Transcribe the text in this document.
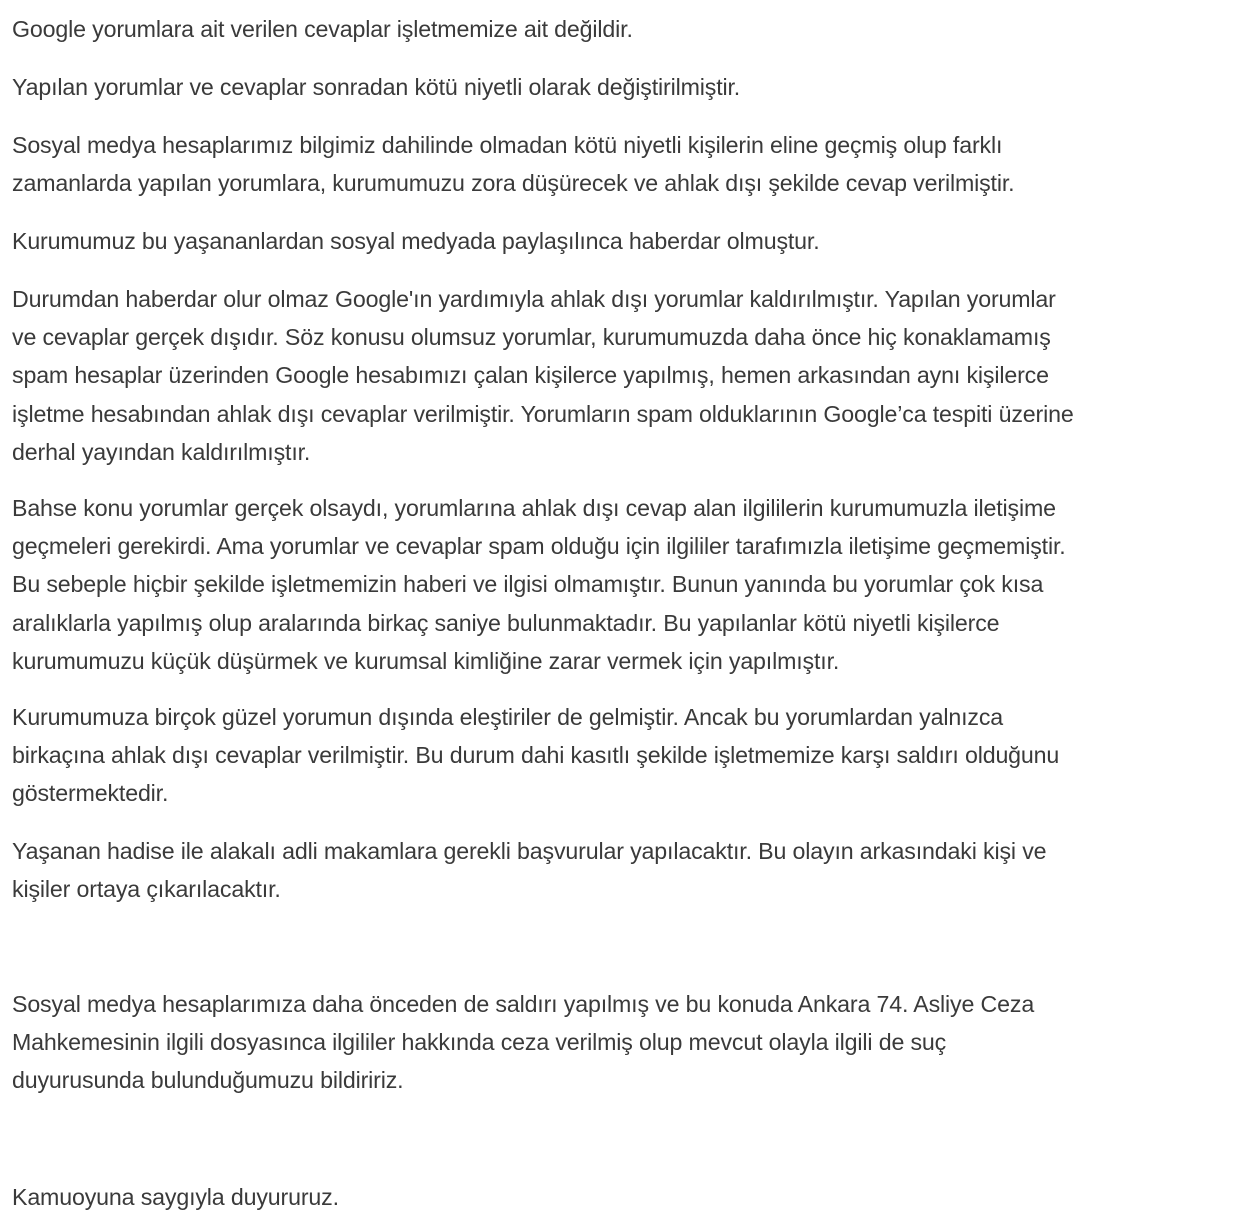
Google yorumlara ait verilen cevaplar işletmemize ait değildir.

Yapılan yorumlar ve cevaplar sonradan kötü niyetli olarak değiştirilmiştir.

Sosyal medya hesaplarımız bilgimiz dahilinde olmadan kötü niyetli kişilerin eline geçmiş olup farklı
zamanlarda yapılan yorumlara, kurumumuzu zora düşürecek ve ahlak dışı şekilde cevap verilmiştir.

Kurumumuz bu yaşananlardan sosyal medyada paylaşılınca haberdar olmuştur.

Durumdan haberdar olur olmaz Google'ın yardımıyla ahlak dışı yorumlar kaldırılmıştır. Yapılan yorumlar
ve cevaplar gerçek dışıdır. Söz konusu olumsuz yorumlar, kurumumuzda daha önce hiç konaklamamış
spam hesaplar üzerinden Google hesabımızı çalan kişilerce yapılmış, hemen arkasından aynı kişilerce
işletme hesabından ahlak dışı cevaplar verilmiştir. Yorumların spam olduklarının Google’ca tespiti üzerine
derhal yayından kaldırılmıştır.

Bahse konu yorumlar gerçek olsaydı, yorumlarına ahlak dışı cevap alan ilgililerin kurumumuzla iletişime
geçmeleri gerekirdi. Ama yorumlar ve cevaplar spam olduğu için ilgililer tarafımızla iletişime geçmemiştir.
Bu sebeple hiçbir şekilde işletmemizin haberi ve ilgisi olmamıştır. Bunun yanında bu yorumlar çok kısa
aralıklarla yapılmış olup aralarında birkaç saniye bulunmaktadır. Bu yapılanlar kötü niyetli kişilerce
kurumumuzu küçük düşürmek ve kurumsal kimliğine zarar vermek için yapılmıştır.

Kurumumuza birçok güzel yorumun dışında eleştiriler de gelmiştir. Ancak bu yorumlardan yalnızca
birkaçına ahlak dışı cevaplar verilmiştir. Bu durum dahi kasıtlı şekilde işletmemize karşı saldırı olduğunu
göstermektedir.

Yaşanan hadise ile alakalı adli makamlara gerekli başvurular yapılacaktır. Bu olayın arkasındaki kişi ve
kişiler ortaya çıkarılacaktır.

Sosyal medya hesaplarımıza daha önceden de saldırı yapılmış ve bu konuda Ankara 74. Asliye Ceza
Mahkemesinin ilgili dosyasınca ilgililer hakkında ceza verilmiş olup mevcut olayla ilgili de suç
duyurusunda bulunduğumuzu bildiririz.

Kamuoyuna saygıyla duyururuz.
